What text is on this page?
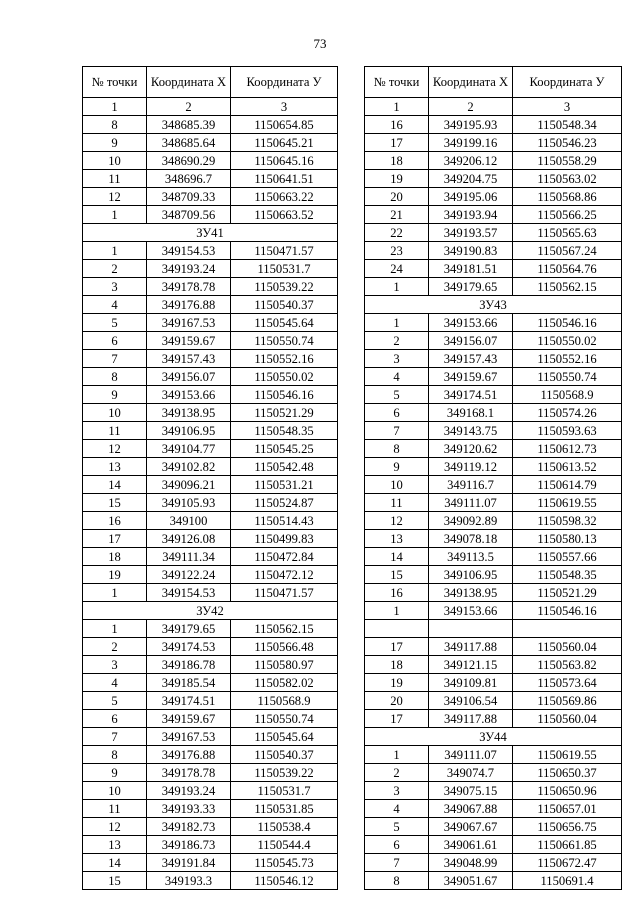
73
№ точки	Координата Х	Координата У
1	2	3
8	348685.39	1150654.85
9	348685.64	1150645.21
10	348690.29	1150645.16
11	348696.7	1150641.51
12	348709.33	1150663.22
1	348709.56	1150663.52
ЗУ41		
1	349154.53	1150471.57
2	349193.24	1150531.7
3	349178.78	1150539.22
4	349176.88	1150540.37
5	349167.53	1150545.64
6	349159.67	1150550.74
7	349157.43	1150552.16
8	349156.07	1150550.02
9	349153.66	1150546.16
10	349138.95	1150521.29
11	349106.95	1150548.35
12	349104.77	1150545.25
13	349102.82	1150542.48
14	349096.21	1150531.21
15	349105.93	1150524.87
16	349100	1150514.43
17	349126.08	1150499.83
18	349111.34	1150472.84
19	349122.24	1150472.12
1	349154.53	1150471.57
ЗУ42		
1	349179.65	1150562.15
2	349174.53	1150566.48
3	349186.78	1150580.97
4	349185.54	1150582.02
5	349174.51	1150568.9
6	349159.67	1150550.74
7	349167.53	1150545.64
8	349176.88	1150540.37
9	349178.78	1150539.22
10	349193.24	1150531.7
11	349193.33	1150531.85
12	349182.73	1150538.4
13	349186.73	1150544.4
14	349191.84	1150545.73
15	349193.3	1150546.12
№ точки	Координата Х	Координата У
1	2	3
16	349195.93	1150548.34
17	349199.16	1150546.23
18	349206.12	1150558.29
19	349204.75	1150563.02
20	349195.06	1150568.86
21	349193.94	1150566.25
22	349193.57	1150565.63
23	349190.83	1150567.24
24	349181.51	1150564.76
1	349179.65	1150562.15
ЗУ43		
1	349153.66	1150546.16
2	349156.07	1150550.02
3	349157.43	1150552.16
4	349159.67	1150550.74
5	349174.51	1150568.9
6	349168.1	1150574.26
7	349143.75	1150593.63
8	349120.62	1150612.73
9	349119.12	1150613.52
10	349116.7	1150614.79
11	349111.07	1150619.55
12	349092.89	1150598.32
13	349078.18	1150580.13
14	349113.5	1150557.66
15	349106.95	1150548.35
16	349138.95	1150521.29
1	349153.66	1150546.16

17	349117.88	1150560.04
18	349121.15	1150563.82
19	349109.81	1150573.64
20	349106.54	1150569.86
17	349117.88	1150560.04
ЗУ44		
1	349111.07	1150619.55
2	349074.7	1150650.37
3	349075.15	1150650.96
4	349067.88	1150657.01
5	349067.67	1150656.75
6	349061.61	1150661.85
7	349048.99	1150672.47
8	349051.67	1150691.4
